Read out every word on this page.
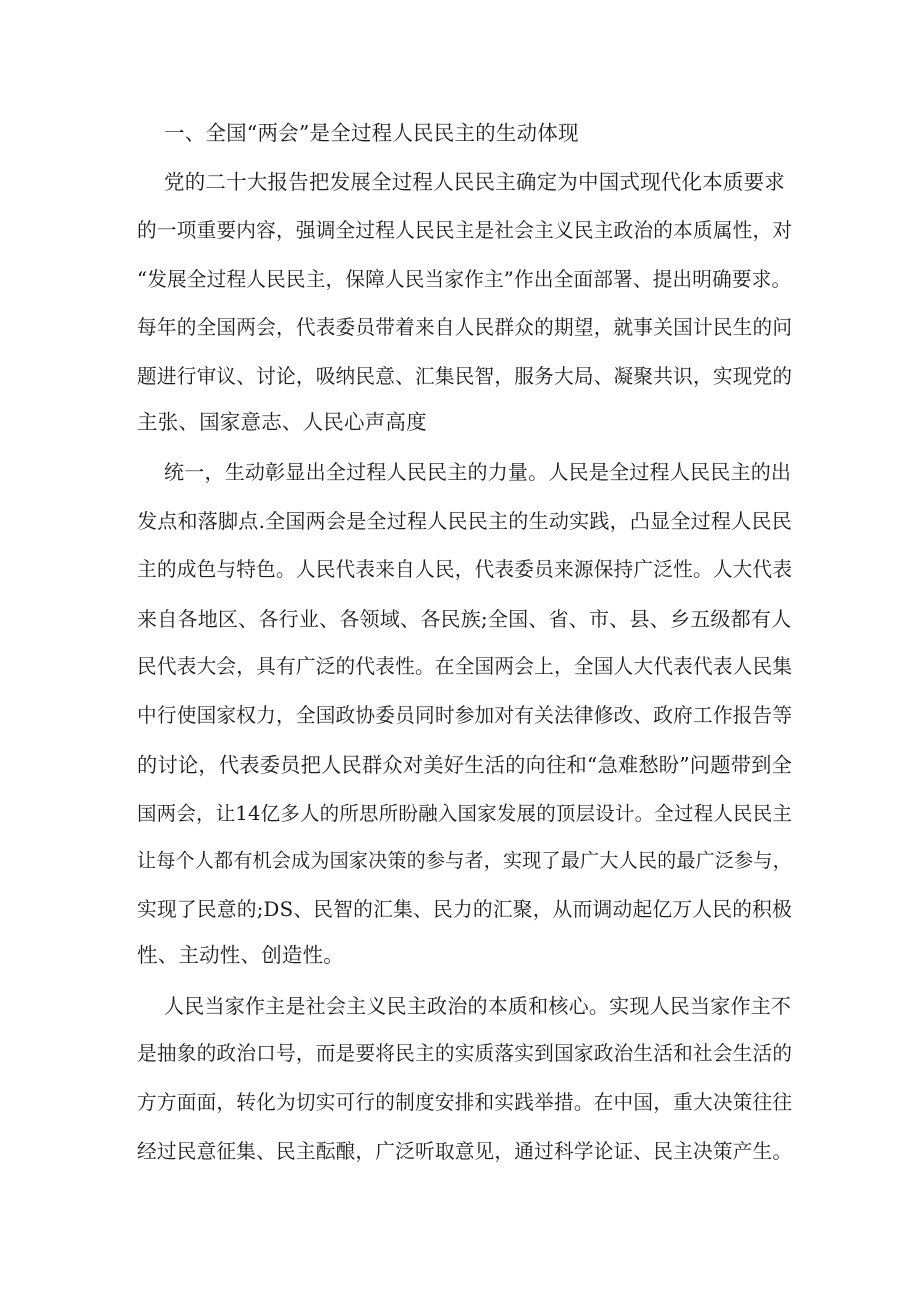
一、全国“两会”是全过程人民民主的生动体现
党的二十大报告把发展全过程人民民主确定为中国式现代化本质要求
的一项重要内容，强调全过程人民民主是社会主义民主政治的本质属性，对
“发展全过程人民民主，保障人民当家作主”作出全面部署、提出明确要求。
每年的全国两会，代表委员带着来自人民群众的期望，就事关国计民生的问
题进行审议、讨论，吸纳民意、汇集民智，服务大局、凝聚共识，实现党的
主张、国家意志、人民心声高度
统一，生动彰显出全过程人民民主的力量。人民是全过程人民民主的出
发点和落脚点.全国两会是全过程人民民主的生动实践，凸显全过程人民民
主的成色与特色。人民代表来自人民，代表委员来源保持广泛性。人大代表
来自各地区、各行业、各领域、各民族;全国、省、市、县、乡五级都有人
民代表大会，具有广泛的代表性。在全国两会上，全国人大代表代表人民集
中行使国家权力，全国政协委员同时参加对有关法律修改、政府工作报告等
的讨论，代表委员把人民群众对美好生活的向往和“急难愁盼”问题带到全
国两会，让14亿多人的所思所盼融入国家发展的顶层设计。全过程人民民主
让每个人都有机会成为国家决策的参与者，实现了最广大人民的最广泛参与，
实现了民意的;DS、民智的汇集、民力的汇聚，从而调动起亿万人民的积极
性、主动性、创造性。
人民当家作主是社会主义民主政治的本质和核心。实现人民当家作主不
是抽象的政治口号，而是要将民主的实质落实到国家政治生活和社会生活的
方方面面，转化为切实可行的制度安排和实践举措。在中国，重大决策往往
经过民意征集、民主酝酿，广泛听取意见，通过科学论证、民主决策产生。
